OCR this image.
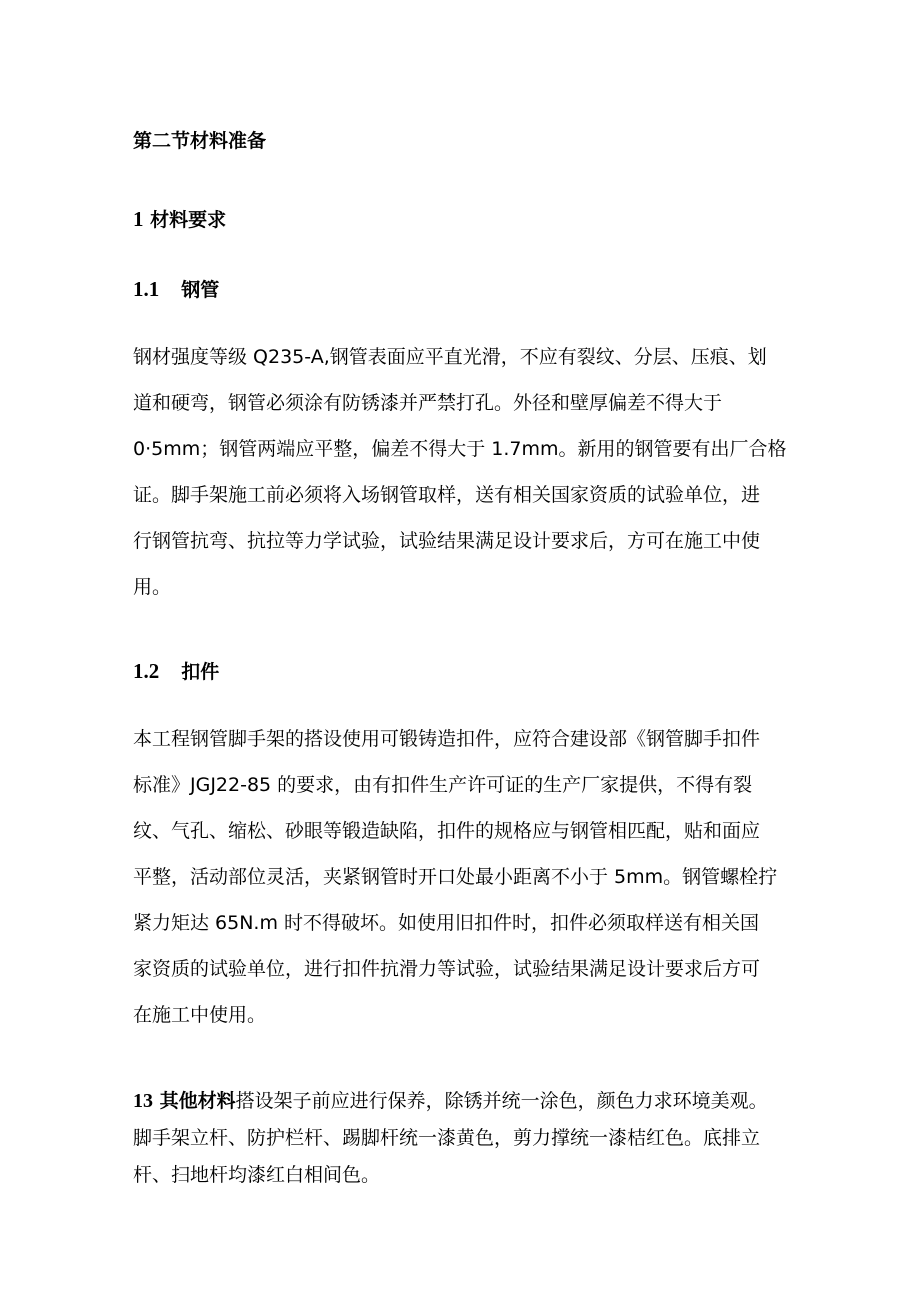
第二节材料准备
1 材料要求
1.1 钢管
钢材强度等级 Q235-A,钢管表面应平直光滑，不应有裂纹、分层、压痕、划
道和硬弯，钢管必须涂有防锈漆并严禁打孔。外径和壁厚偏差不得大于
0·5mm；钢管两端应平整，偏差不得大于 1.7mm。新用的钢管要有出厂合格
证。脚手架施工前必须将入场钢管取样，送有相关国家资质的试验单位，进
行钢管抗弯、抗拉等力学试验，试验结果满足设计要求后，方可在施工中使
用。
1.2 扣件
本工程钢管脚手架的搭设使用可锻铸造扣件，应符合建设部《钢管脚手扣件
标准》JGJ22-85 的要求，由有扣件生产许可证的生产厂家提供，不得有裂
纹、气孔、缩松、砂眼等锻造缺陷，扣件的规格应与钢管相匹配，贴和面应
平整，活动部位灵活，夹紧钢管时开口处最小距离不小于 5mm。钢管螺栓拧
紧力矩达 65N.m 时不得破坏。如使用旧扣件时，扣件必须取样送有相关国
家资质的试验单位，进行扣件抗滑力等试验，试验结果满足设计要求后方可
在施工中使用。
13 其他材料搭设架子前应进行保养，除锈并统一涂色，颜色力求环境美观。
脚手架立杆、防护栏杆、踢脚杆统一漆黄色，剪力撑统一漆桔红色。底排立
杆、扫地杆均漆红白相间色。
